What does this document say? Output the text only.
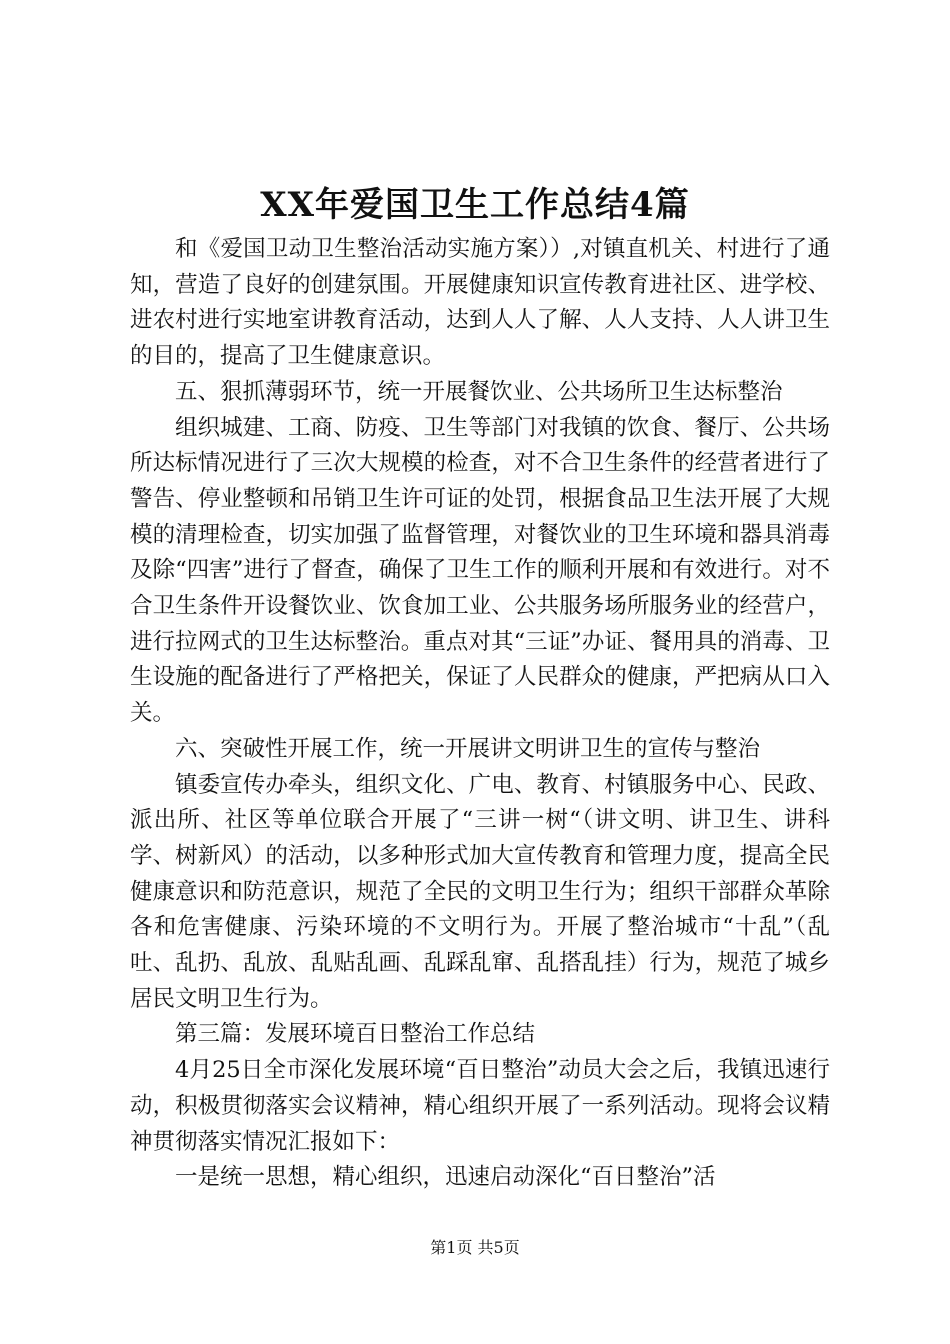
XX年爱国卫生工作总结4篇

和《爱国卫动卫生整治活动实施方案））,对镇直机关、村进行了通知，营造了良好的创建氛围。开展健康知识宣传教育进社区、进学校、进农村进行实地室讲教育活动，达到人人了解、人人支持、人人讲卫生的目的，提高了卫生健康意识。

五、狠抓薄弱环节，统一开展餐饮业、公共场所卫生达标整治

组织城建、工商、防疫、卫生等部门对我镇的饮食、餐厅、公共场所达标情况进行了三次大规模的检查，对不合卫生条件的经营者进行了警告、停业整顿和吊销卫生许可证的处罚，根据食品卫生法开展了大规模的清理检查，切实加强了监督管理，对餐饮业的卫生环境和器具消毒及除“四害”进行了督查，确保了卫生工作的顺利开展和有效进行。对不合卫生条件开设餐饮业、饮食加工业、公共服务场所服务业的经营户，进行拉网式的卫生达标整治。重点对其“三证”办证、餐用具的消毒、卫生设施的配备进行了严格把关，保证了人民群众的健康，严把病从口入关。

六、突破性开展工作，统一开展讲文明讲卫生的宣传与整治

镇委宣传办牵头，组织文化、广电、教育、村镇服务中心、民政、派出所、社区等单位联合开展了“三讲一树“（讲文明、讲卫生、讲科学、树新风）的活动，以多种形式加大宣传教育和管理力度，提高全民健康意识和防范意识，规范了全民的文明卫生行为；组织干部群众革除各和危害健康、污染环境的不文明行为。开展了整治城市“十乱”（乱吐、乱扔、乱放、乱贴乱画、乱踩乱窜、乱搭乱挂）行为，规范了城乡居民文明卫生行为。

第三篇：发展环境百日整治工作总结

4月25日全市深化发展环境“百日整治”动员大会之后，我镇迅速行动，积极贯彻落实会议精神，精心组织开展了一系列活动。现将会议精神贯彻落实情况汇报如下：

一是统一思想，精心组织，迅速启动深化“百日整治”活

第1页 共5页
